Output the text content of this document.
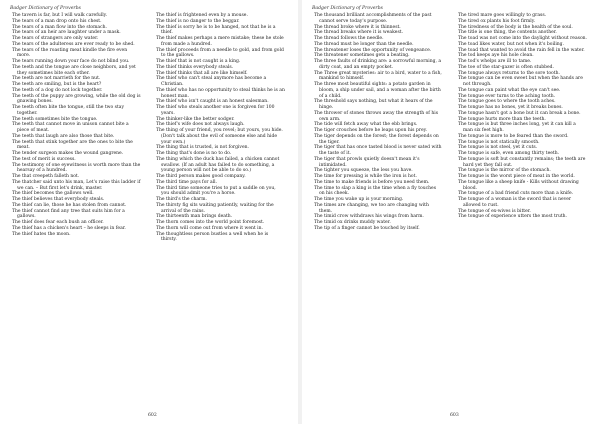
Badger Dictionary of Proverbs

The tavern is far, but I will walk carefully.

The tears of a man drop onto his chest.

The tears of a man flow into the stomach.

The tears of an heir are laughter under a mask.

The tears of strangers are only water.

The tears of the adulteress are ever ready to be shed.

The tears of the roasting meat kindle the fire even more.

The tears running down your face do not blind you.

The teeth and the tongue are close neighbors, and yet they sometimes bite each other.

The teeth are not marrieth for the nut.

The teeth are smiling, but is the heart?

The teeth of a dog do not lock together.

The teeth of the puppy are growing, while the old dog is gnawing bones.

The teeth often bite the tongue, still the two stay together.

The teeth sometimes bite the tongue.

The teeth that cannot move in unison cannot bite a piece of meat.

The teeth that laugh are also those that bite.

The teeth that stink together are the ones to bite the meat.

The tender surgeon makes the wound gangrene.

The test of merit is success.

The testimony of one eyewitness is worth more than the hearsay of a hundred.

The that creepeth falleth not.

The thatcher said unto his man, Let's raise this ladder if we can. – But first let's drink, master.

The thief becomes the gallows well.

The thief believes that everybody steals.

The thief can lie, those he has stolen from cannot.

The thief cannot find any tree that suits him for a gallows.

The thief does fear each bush an officer.

The thief has a chicken's heart – he sleeps in fear.

The thief hates the moon.

The thief is frightened even by a mouse.

The thief is no danger to the beggar.

The thief is sorry he is to be hanged, not that he is a thief.

The thief makes perhaps a mere mistake; these he stole from made a hundred.

The thief proceeds from a needle to gold, and from gold to the gallows.

The thief that is not caught is a king.

The thief thinks everybody steals.

The thief thinks that all are like himself.

The thief who can't steal anymore has become a Christian.

The thief who has no opportunity to steal thinks he is an honest man.

The thief who isn't caught is an honest salesman.

The thief who steals another one is forgiven for 100 years.

The thinker-like the better sodger.

The thief's wife does not always laugh.

The thing of your friend, you revel; but yours, you hide. (Don't talk about the evil of someone else and hide your own.)

The thing that is trusted, is not forgiven.

The thing that's done is no to do.

The thing which the duck has failed, a chicken cannot swallow. (If an adult has failed to do something, a young person will not be able to do so.)

The third person makes good company.

The third time pays for all.

The third time someone tries to put a saddle on you, you should admit you're a horse.

The third's the charm.

The thirsty fig sits waiting patiently, waiting for the arrival of the rains.

The thirteenth man brings death.

The thorn comes into the world point foremost.

The thorn will come out from where it went in.

The thoughtless person bustles a well when he is thirsty.

602
Badger Dictionary of Proverbs

The thousand brilliant accomplishments of the past cannot serve today's purpose.

The thread broke where it is thinnest.

The thread breaks where it is weakest.

The thread follows the needle.

The thread must be longer than the needle.

The threatener loses the opportunity of vengeance.

The threatener sometimes gets a beating.

The three faults of drinking are: a sorrowful morning, a dirty coat, and an empty pocket.

The Three great mysteries: air to a bird, water to a fish, mankind to himself.

The three most beautiful sights: a potato garden in bloom, a ship under sail, and a woman after the birth of a child.

The threshold says nothing, but what it hears of the hinge.

The thrower of stones throws away the strength of his own arm.

The tide will fetch away what the ebb brings.

The tiger crouches before he leaps upon his prey.

The tiger depends on the forest; the forest depends on the tiger.

The tiger that has once tasted blood is never sated with the taste of it.

The tiger that prowls quietly doesn't mean it's intimidated.

The tighter you squeeze, the less you have.

The time for pressing is while the iron is hot.

The time to make friends is before you need them.

The time to slap a king is the time when a fly touches on his cheek.

The time you wake up is your morning.

The times are changing, we too are changing with them.

The timid crow withdraws his wings from harm.

The timid ox drinks muddy water.

The tip of a finger cannot be touched by itself.

The tired mare goes willingly to grass.

The tired ox plants his foot firmly.

The tiredness of the body is the health of the soul.

The title is one thing, the contents another.

The toad was not come into the daylight without reason.

The toad likes water, but not when it's boiling.

The toad that wanted to avoid the rain fell in the water.

The tod keeps aye his hole clean.

The tod's whelps are ill to tame.

The toe of the star-gazer is often stubbed.

The tongue always returns to the sore tooth.

The tongue can be even sweet but when the hands are not through.

The tongue can paint what the eye can't see.

The tongue ever turns to the aching tooth.

The tongue goes to where the tooth aches.

The tongue has no bones, yet it breaks bones.

The tongue hasn't got a bone but it can break a bone.

The tongue hurts more than the teeth.

The tongue is but three inches long, yet it can kill a man six feet high.

The tongue is more to be feared than the sword.

The tongue is not statically smooth.

The tongue is not steel, yet it cuts.

The tongue is safe, even among thirty teeth.

The tongue is soft but constantly remains; the teeth are hard yet they fall out.

The tongue is the mirror of the stomach.

The tongue is the worst piece of meat in the world.

The tongue like a sheep knife - Kills without drawing blood.

The tongue of a bad friend cuts more than a knife.

The tongue of a woman is the sword that is never allowed to rust.

The tongue of ex-wives is bitter.

The tongue of experience utters the most truth.

603
